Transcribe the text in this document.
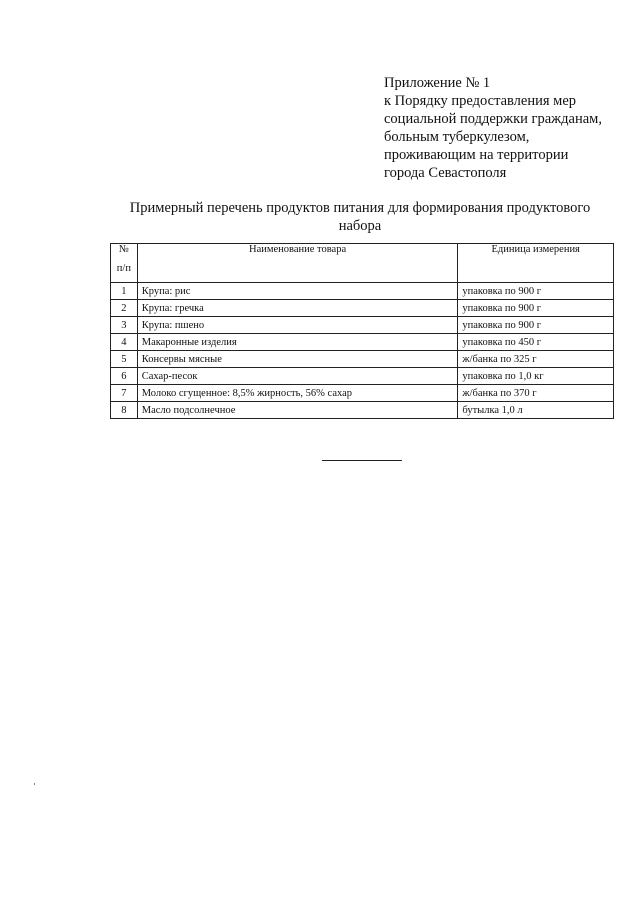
Приложение № 1
к Порядку предоставления мер
социальной поддержки гражданам,
больным туберкулезом,
проживающим на территории
города Севастополя
Примерный перечень продуктов питания для формирования продуктового
набора
№	Наименование товара	Единица измерения
п/п		
1	Крупа: рис	упаковка по 900 г
2	Крупа: гречка	упаковка по 900 г
3	Крупа: пшено	упаковка по 900 г
4	Макаронные изделия	упаковка по 450 г
5	Консервы мясные	ж/банка по 325 г
6	Сахар-песок	упаковка по 1,0 кг
7	Молоко сгущенное: 8,5% жирность, 56% сахар	ж/банка по 370 г
8	Масло подсолнечное	бутылка 1,0 л
